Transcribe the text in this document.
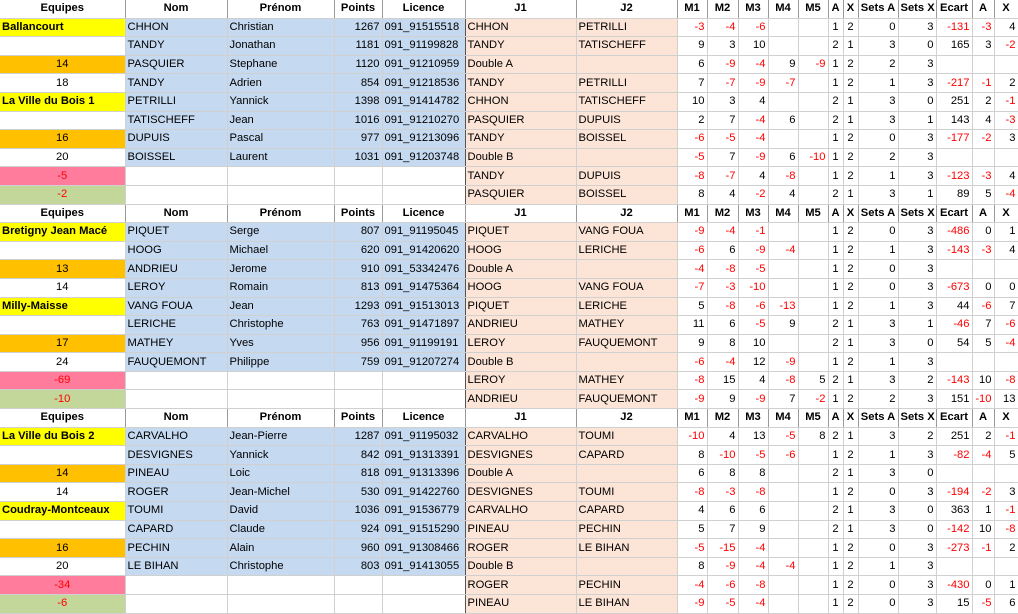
Equipes	Nom	Prénom	Points	Licence	J1	J2	M1	M2	M3	M4	M5	A	X	Sets A	Sets X	Ecart	A	X
Ballancourt	CHHON	Christian	1267	091_91515518	CHHON	PETRILLI	-3	-4	-6			1	2	0	3	-131	-3	4
	TANDY	Jonathan	1181	091_91199828	TANDY	TATISCHEFF	9	3	10			2	1	3	0	165	3	-2
14	PASQUIER	Stephane	1120	091_91210959	Double A		6	-9	-4	9	-9	1	2	2	3			
18	TANDY	Adrien	854	091_91218536	TANDY	PETRILLI	7	-7	-9	-7		1	2	1	3	-217	-1	2
La Ville du Bois 1	PETRILLI	Yannick	1398	091_91414782	CHHON	TATISCHEFF	10	3	4			2	1	3	0	251	2	-1
	TATISCHEFF	Jean	1016	091_91210270	PASQUIER	DUPUIS	2	7	-4	6		2	1	3	1	143	4	-3
16	DUPUIS	Pascal	977	091_91213096	TANDY	BOISSEL	-6	-5	-4			1	2	0	3	-177	-2	3
20	BOISSEL	Laurent	1031	091_91203748	Double B		-5	7	-9	6	-10	1	2	2	3			
-5					TANDY	DUPUIS	-8	-7	4	-8		1	2	1	3	-123	-3	4
-2					PASQUIER	BOISSEL	8	4	-2	4		2	1	3	1	89	5	-4
Equipes	Nom	Prénom	Points	Licence	J1	J2	M1	M2	M3	M4	M5	A	X	Sets A	Sets X	Ecart	A	X
Bretigny Jean Macé	PIQUET	Serge	807	091_91195045	PIQUET	VANG FOUA	-9	-4	-1			1	2	0	3	-486	0	1
	HOOG	Michael	620	091_91420620	HOOG	LERICHE	-6	6	-9	-4		1	2	1	3	-143	-3	4
13	ANDRIEU	Jerome	910	091_53342476	Double A		-4	-8	-5			1	2	0	3			
14	LEROY	Romain	813	091_91475364	HOOG	VANG FOUA	-7	-3	-10			1	2	0	3	-673	0	0
Milly-Maisse	VANG FOUA	Jean	1293	091_91513013	PIQUET	LERICHE	5	-8	-6	-13		1	2	1	3	44	-6	7
	LERICHE	Christophe	763	091_91471897	ANDRIEU	MATHEY	11	6	-5	9		2	1	3	1	-46	7	-6
17	MATHEY	Yves	956	091_91199191	LEROY	FAUQUEMONT	9	8	10			2	1	3	0	54	5	-4
24	FAUQUEMONT	Philippe	759	091_91207274	Double B		-6	-4	12	-9		1	2	1	3			
-69					LEROY	MATHEY	-8	15	4	-8	5	2	1	3	2	-143	10	-8
-10					ANDRIEU	FAUQUEMONT	-9	9	-9	7	-2	1	2	2	3	151	-10	13
Equipes	Nom	Prénom	Points	Licence	J1	J2	M1	M2	M3	M4	M5	A	X	Sets A	Sets X	Ecart	A	X
La Ville du Bois 2	CARVALHO	Jean-Pierre	1287	091_91195032	CARVALHO	TOUMI	-10	4	13	-5	8	2	1	3	2	251	2	-1
	DESVIGNES	Yannick	842	091_91313391	DESVIGNES	CAPARD	8	-10	-5	-6		1	2	1	3	-82	-4	5
14	PINEAU	Loic	818	091_91313396	Double A		6	8	8			2	1	3	0			
14	ROGER	Jean-Michel	530	091_91422760	DESVIGNES	TOUMI	-8	-3	-8			1	2	0	3	-194	-2	3
Coudray-Montceaux	TOUMI	David	1036	091_91536779	CARVALHO	CAPARD	4	6	6			2	1	3	0	363	1	-1
	CAPARD	Claude	924	091_91515290	PINEAU	PECHIN	5	7	9			2	1	3	0	-142	10	-8
16	PECHIN	Alain	960	091_91308466	ROGER	LE BIHAN	-5	-15	-4			1	2	0	3	-273	-1	2
20	LE BIHAN	Christophe	803	091_91413055	Double B		8	-9	-4	-4		1	2	1	3			
-34					ROGER	PECHIN	-4	-6	-8			1	2	0	3	-430	0	1
-6					PINEAU	LE BIHAN	-9	-5	-4			1	2	0	3	15	-5	6
